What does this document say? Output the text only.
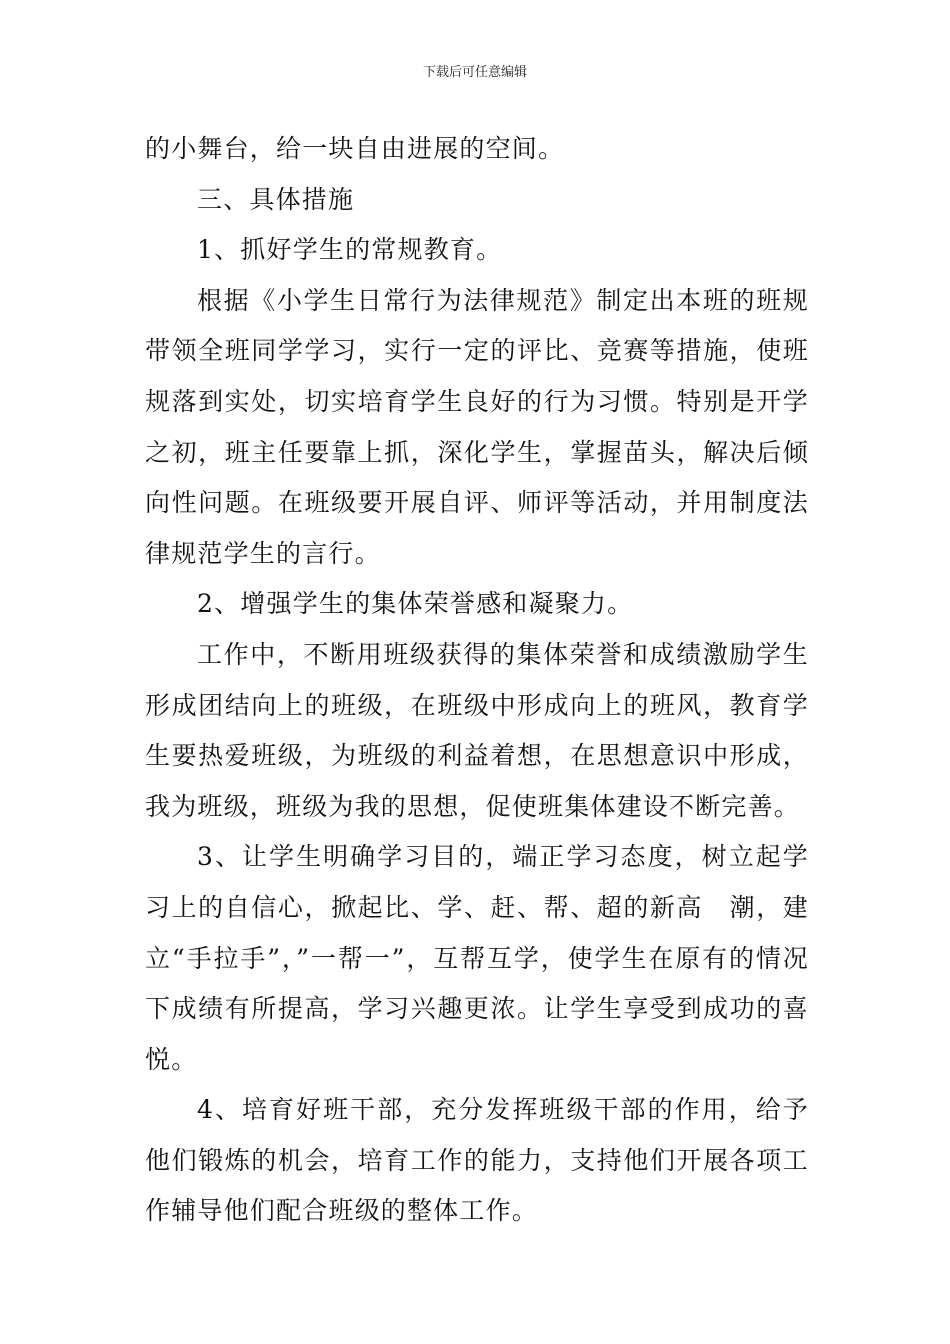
下载后可任意编辑

的小舞台，给一块自由进展的空间。

三、具体措施

1、抓好学生的常规教育。

根据《小学生日常行为法律规范》制定出本班的班规带领全班同学学习，实行一定的评比、竞赛等措施，使班规落到实处，切实培育学生良好的行为习惯。特别是开学之初，班主任要靠上抓，深化学生，掌握苗头，解决后倾向性问题。在班级要开展自评、师评等活动，并用制度法律规范学生的言行。

2、增强学生的集体荣誉感和凝聚力。

工作中，不断用班级获得的集体荣誉和成绩激励学生形成团结向上的班级，在班级中形成向上的班风，教育学生要热爱班级，为班级的利益着想，在思想意识中形成，我为班级，班级为我的思想，促使班集体建设不断完善。

3、让学生明确学习目的，端正学习态度，树立起学习上的自信心，掀起比、学、赶、帮、超的新高　潮，建立“手拉手”，”一帮一”，互帮互学，使学生在原有的情况下成绩有所提高，学习兴趣更浓。让学生享受到成功的喜悦。

4、培育好班干部，充分发挥班级干部的作用，给予他们锻炼的机会，培育工作的能力，支持他们开展各项工作辅导他们配合班级的整体工作。
